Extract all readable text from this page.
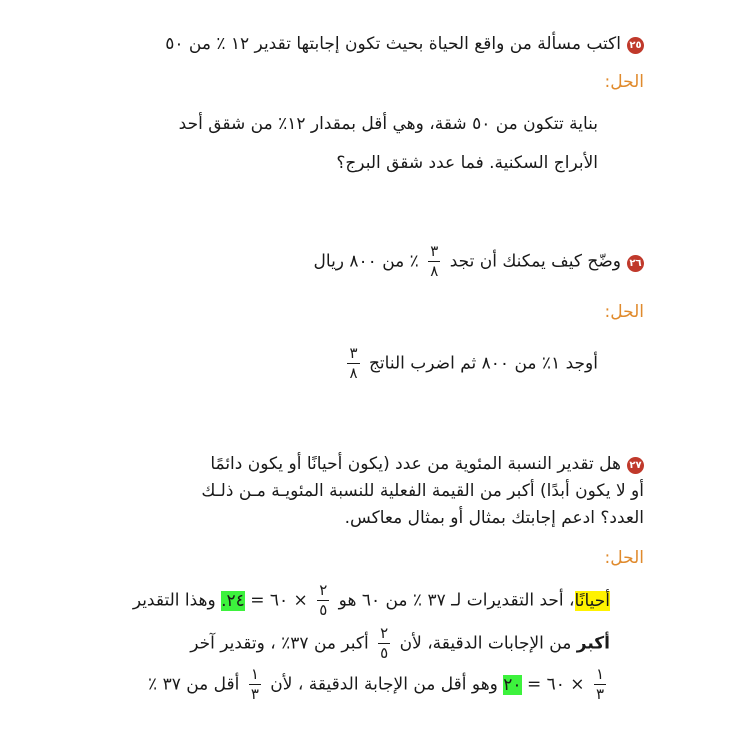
٢٥اكتب مسألة من واقع الحياة بحيث تكون إجابتها تقدير ١٢ ٪ من ٥٠
الحل:
بناية تتكون من ٥٠ شقة، وهي أقل بمقدار ١٢٪ من شقق أحد
الأبراج السكنية. فما عدد شقق البرج؟
٢٦وضّح كيف يمكنك أن تجد
$\frac{٣}{٨}$
٪ من ٨٠٠ ريال
الحل:
أوجد ١٪ من ٨٠٠ ثم اضرب الناتج
$\frac{٣}{٨}$
٢٧هل تقدير النسبة المئوية من عدد (يكون أحيانًا أو يكون دائمًا
أو لا يكون أبدًا) أكبر من القيمة الفعلية للنسبة المئويـة مـن ذلـك
العدد؟ ادعم إجابتك بمثال أو بمثال معاكس.
الحل:
أحيانًا، أحد التقديرات لـ ٣٧ ٪ من ٦٠ هو
$\frac{٢}{٥}$
× ٦٠ = ٢٤. وهذا التقدير
أكبر من الإجابات الدقيقة، لأن
$\frac{٢}{٥}$
أكبر من ٣٧٪ ، وتقدير آخر
$\frac{١}{٣}$
× ٦٠ = ٢٠ وهو أقل من الإجابة الدقيقة ، لأن
$\frac{١}{٣}$
أقل من ٣٧ ٪
